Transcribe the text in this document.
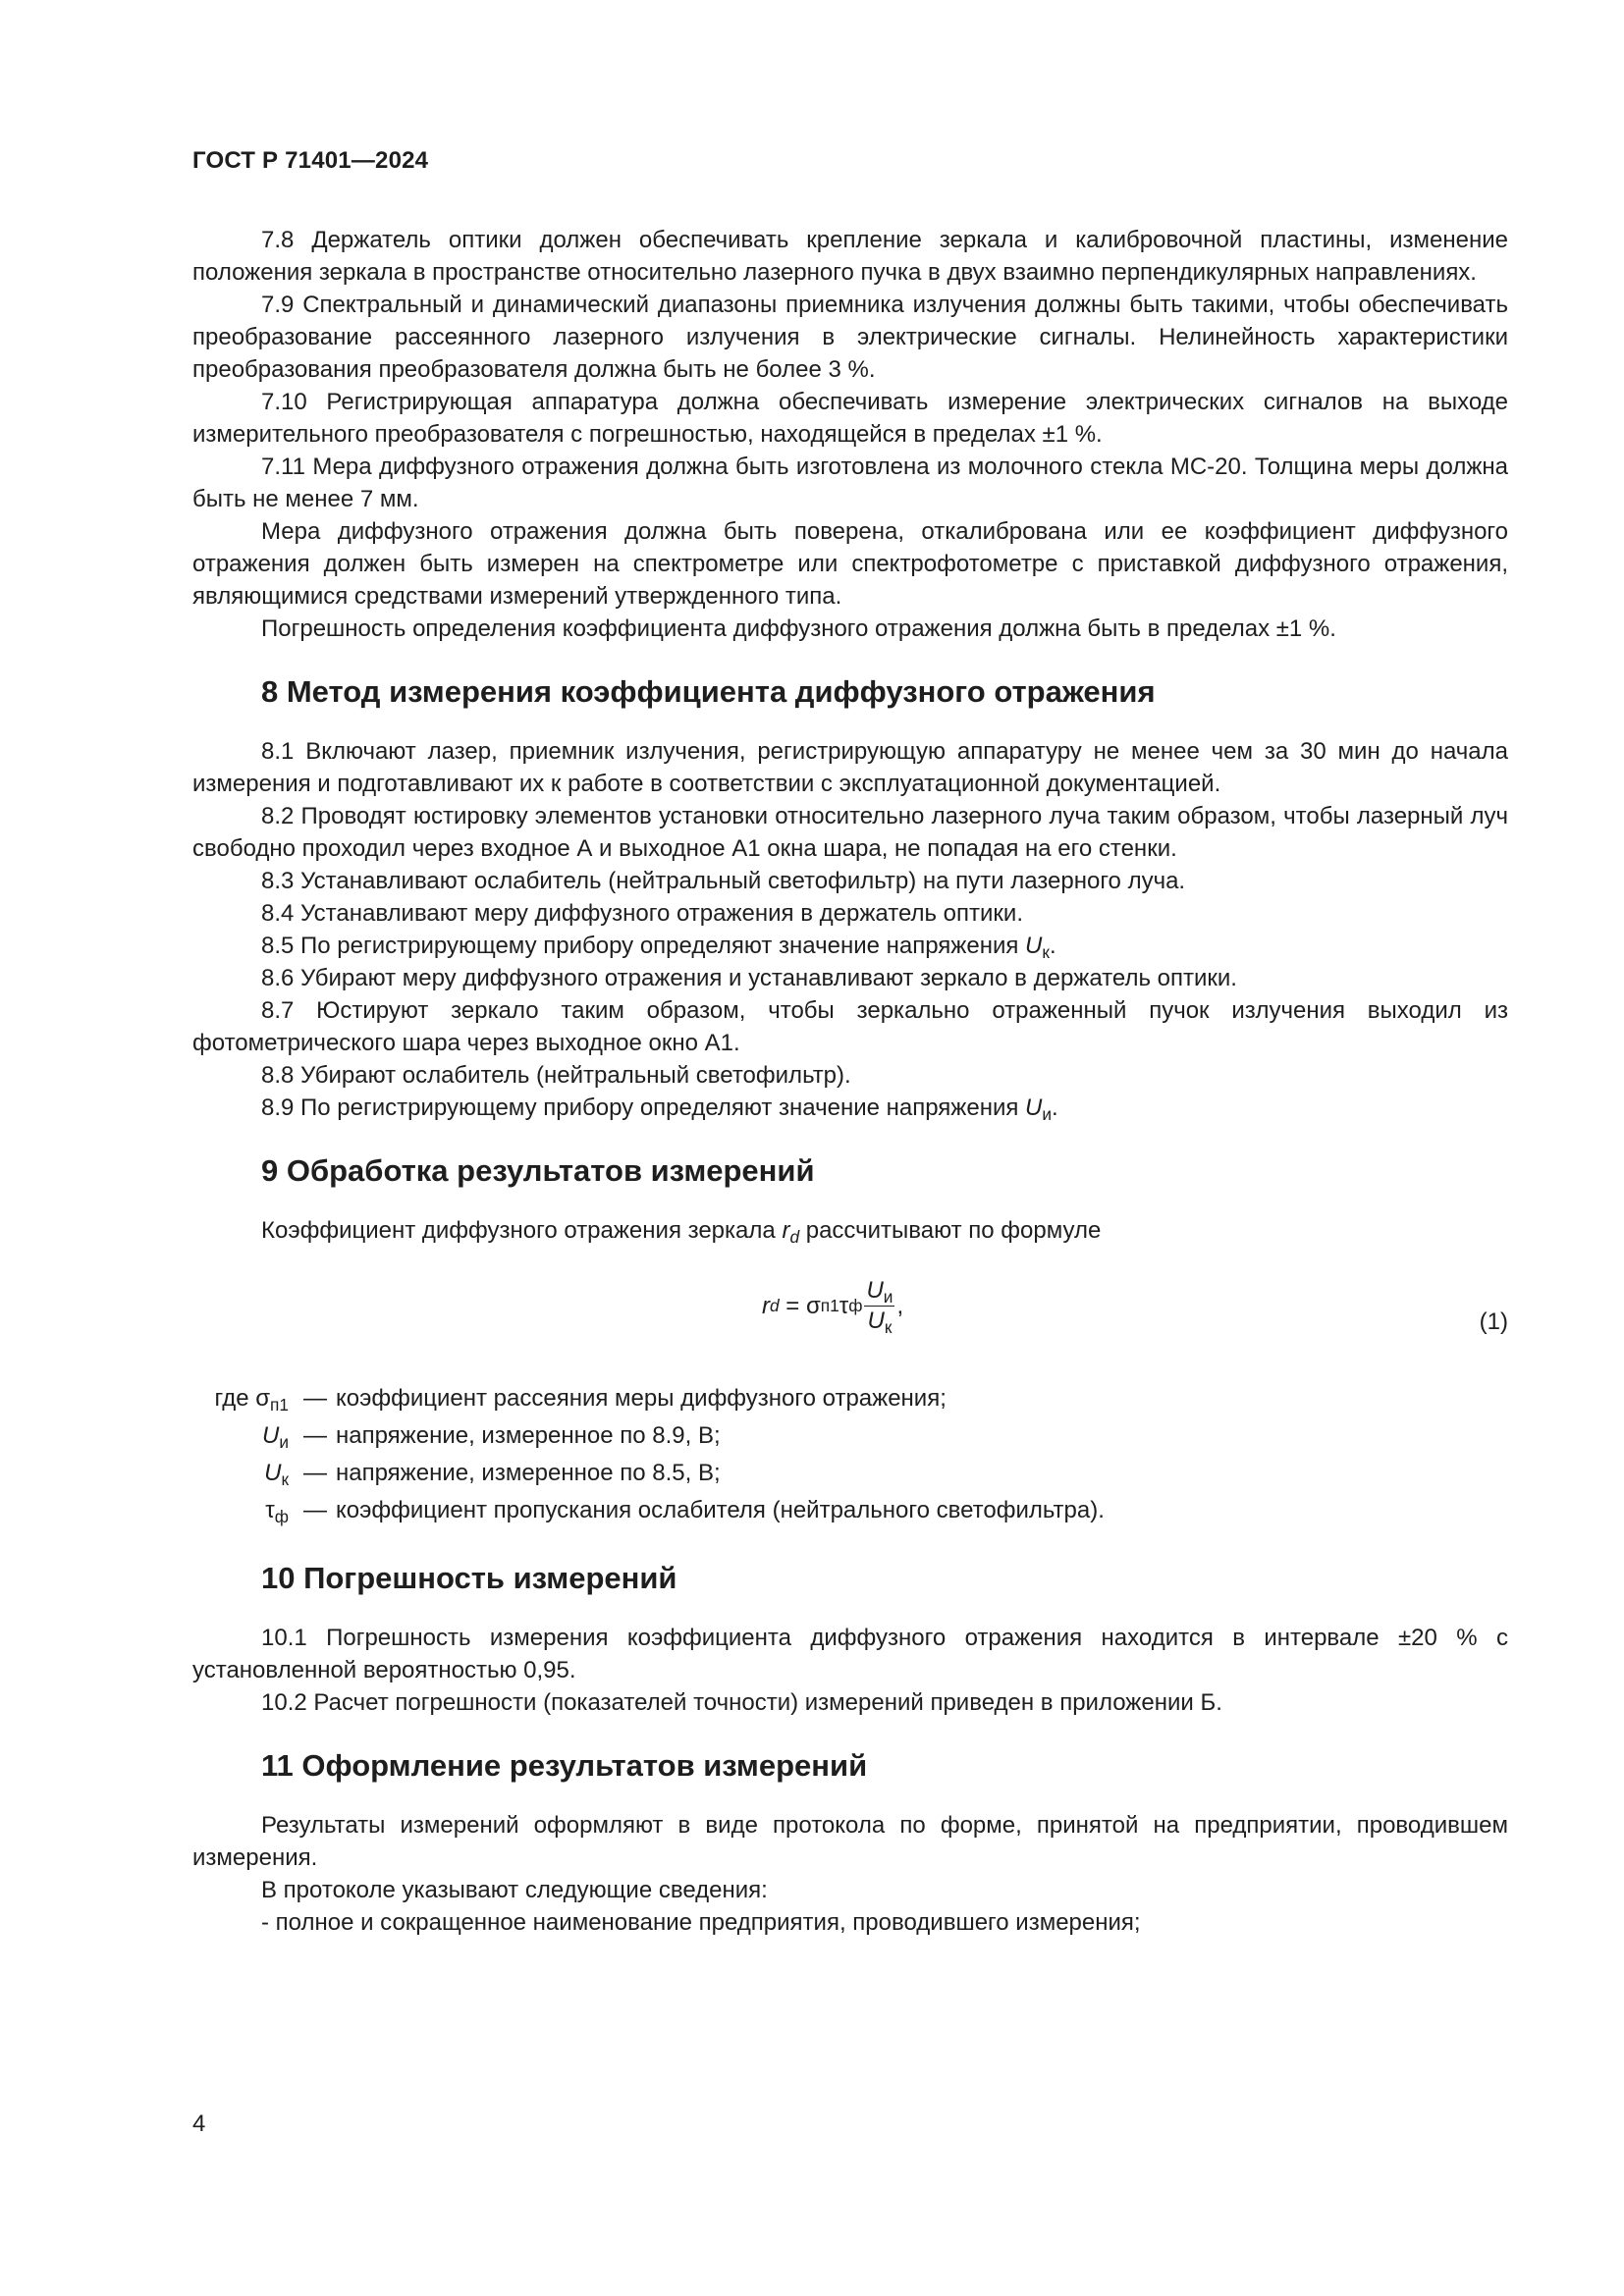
ГОСТ Р 71401—2024

7.8 Держатель оптики должен обеспечивать крепление зеркала и калибровочной пластины, изменение положения зеркала в пространстве относительно лазерного пучка в двух взаимно перпендикулярных направлениях.

7.9 Спектральный и динамический диапазоны приемника излучения должны быть такими, чтобы обеспечивать преобразование рассеянного лазерного излучения в электрические сигналы. Нелинейность характеристики преобразования преобразователя должна быть не более 3 %.

7.10 Регистрирующая аппаратура должна обеспечивать измерение электрических сигналов на выходе измерительного преобразователя с погрешностью, находящейся в пределах ±1 %.

7.11 Мера диффузного отражения должна быть изготовлена из молочного стекла МС-20. Толщина меры должна быть не менее 7 мм.

Мера диффузного отражения должна быть поверена, откалибрована или ее коэффициент диффузного отражения должен быть измерен на спектрометре или спектрофотометре с приставкой диффузного отражения, являющимися средствами измерений утвержденного типа.

Погрешность определения коэффициента диффузного отражения должна быть в пределах ±1 %.

8 Метод измерения коэффициента диффузного отражения

8.1 Включают лазер, приемник излучения, регистрирующую аппаратуру не менее чем за 30 мин до начала измерения и подготавливают их к работе в соответствии с эксплуатационной документацией.

8.2 Проводят юстировку элементов установки относительно лазерного луча таким образом, чтобы лазерный луч свободно проходил через входное А и выходное А1 окна шара, не попадая на его стенки.

8.3 Устанавливают ослабитель (нейтральный светофильтр) на пути лазерного луча.

8.4 Устанавливают меру диффузного отражения в держатель оптики.

8.5 По регистрирующему прибору определяют значение напряжения $U_к$.

8.6 Убирают меру диффузного отражения и устанавливают зеркало в держатель оптики.

8.7 Юстируют зеркало таким образом, чтобы зеркально отраженный пучок излучения выходил из фотометрического шара через выходное окно А1.

8.8 Убирают ослабитель (нейтральный светофильтр).

8.9 По регистрирующему прибору определяют значение напряжения $U_и$.

9 Обработка результатов измерений

Коэффициент диффузного отражения зеркала $r_d$ рассчитывают по формуле

r d = σ п1 τ ф $\frac{U_и}{U_к}$ ,
(1)
где $\sigma_{п1}$ — коэффициент рассеяния меры диффузного отражения;
$U_и$ — напряжение, измеренное по 8.9, В;
$U_к$ — напряжение, измеренное по 8.5, В;
$\tau_ф$ — коэффициент пропускания ослабителя (нейтрального светофильтра).
10 Погрешность измерений

10.1 Погрешность измерения коэффициента диффузного отражения находится в интервале ±20 % с установленной вероятностью 0,95.

10.2 Расчет погрешности (показателей точности) измерений приведен в приложении Б.

11 Оформление результатов измерений

Результаты измерений оформляют в виде протокола по форме, принятой на предприятии, проводившем измерения.

В протоколе указывают следующие сведения:

- полное и сокращенное наименование предприятия, проводившего измерения;

4
